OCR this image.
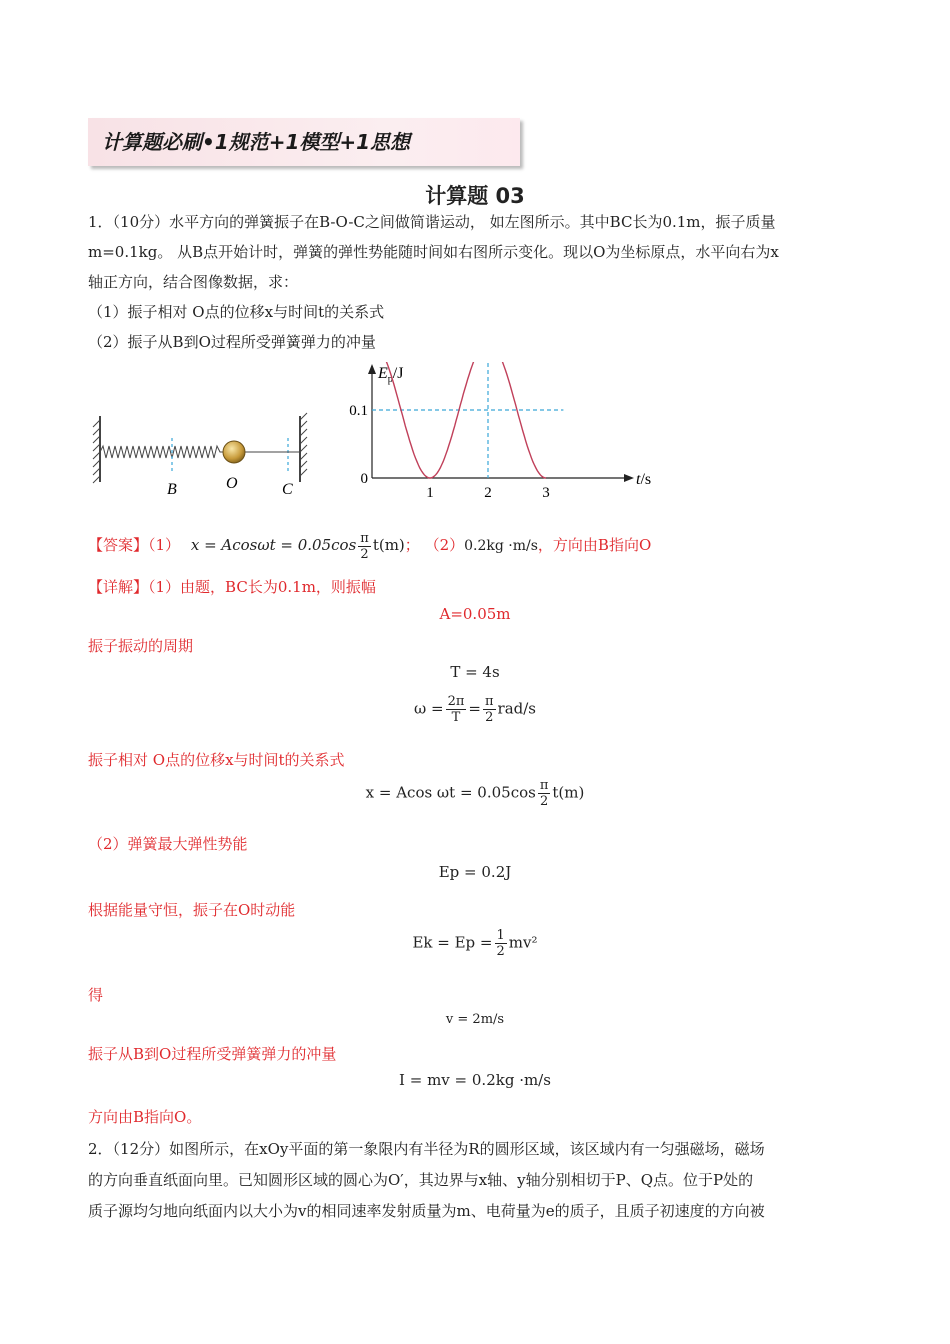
计算题必刷•1规范+1模型+1思想
计算题 03
1．（10分）水平方向的弹簧振子在B-O-C之间做简谐运动， 如左图所示。其中BC长为0.1m，振子质量
m=0.1kg。 从B点开始计时，弹簧的弹性势能随时间如右图所示变化。现以O为坐标原点，水平向右为x
轴正方向，结合图像数据，求：
（1）振子相对 O点的位移x与时间t的关系式
（2）振子从B到O过程所受弹簧弹力的冲量
B	O	C
$E_p/J$
t/s
0
0.1
1	2	3
【答案】（1） $x = Acos\omega t = 0.05\cos \frac{\pi}{2} t(m)$； （2）0.2kg ·m/s，方向由B指向O
【详解】（1）由题，BC长为0.1m，则振幅
A=0.05m
振子振动的周期
T = 4s
$\omega = \frac{2\pi}{T} = \frac{\pi}{2} rad/s$
振子相对 O点的位移x与时间t的关系式
x = Acos $\omega t = 0.05\cos \frac{\pi}{2} t(m)$
（2）弹簧最大弹性势能
Ep = 0.2J
根据能量守恒，振子在O时动能
$Ek = Ep = \frac{1}{2} mv^2$
得
v = 2m/s
振子从B到O过程所受弹簧弹力的冲量
I = mv = 0.2kg ·m/s
方向由B指向O。
2．（12分）如图所示，在xOy平面的第一象限内有半径为R的圆形区域，该区域内有一匀强磁场，磁场
的方向垂直纸面向里。已知圆形区域的圆心为O′，其边界与x轴、y轴分别相切于P、Q点。位于P处的
质子源均匀地向纸面内以大小为v的相同速率发射质量为m、电荷量为e的质子，且质子初速度的方向被
